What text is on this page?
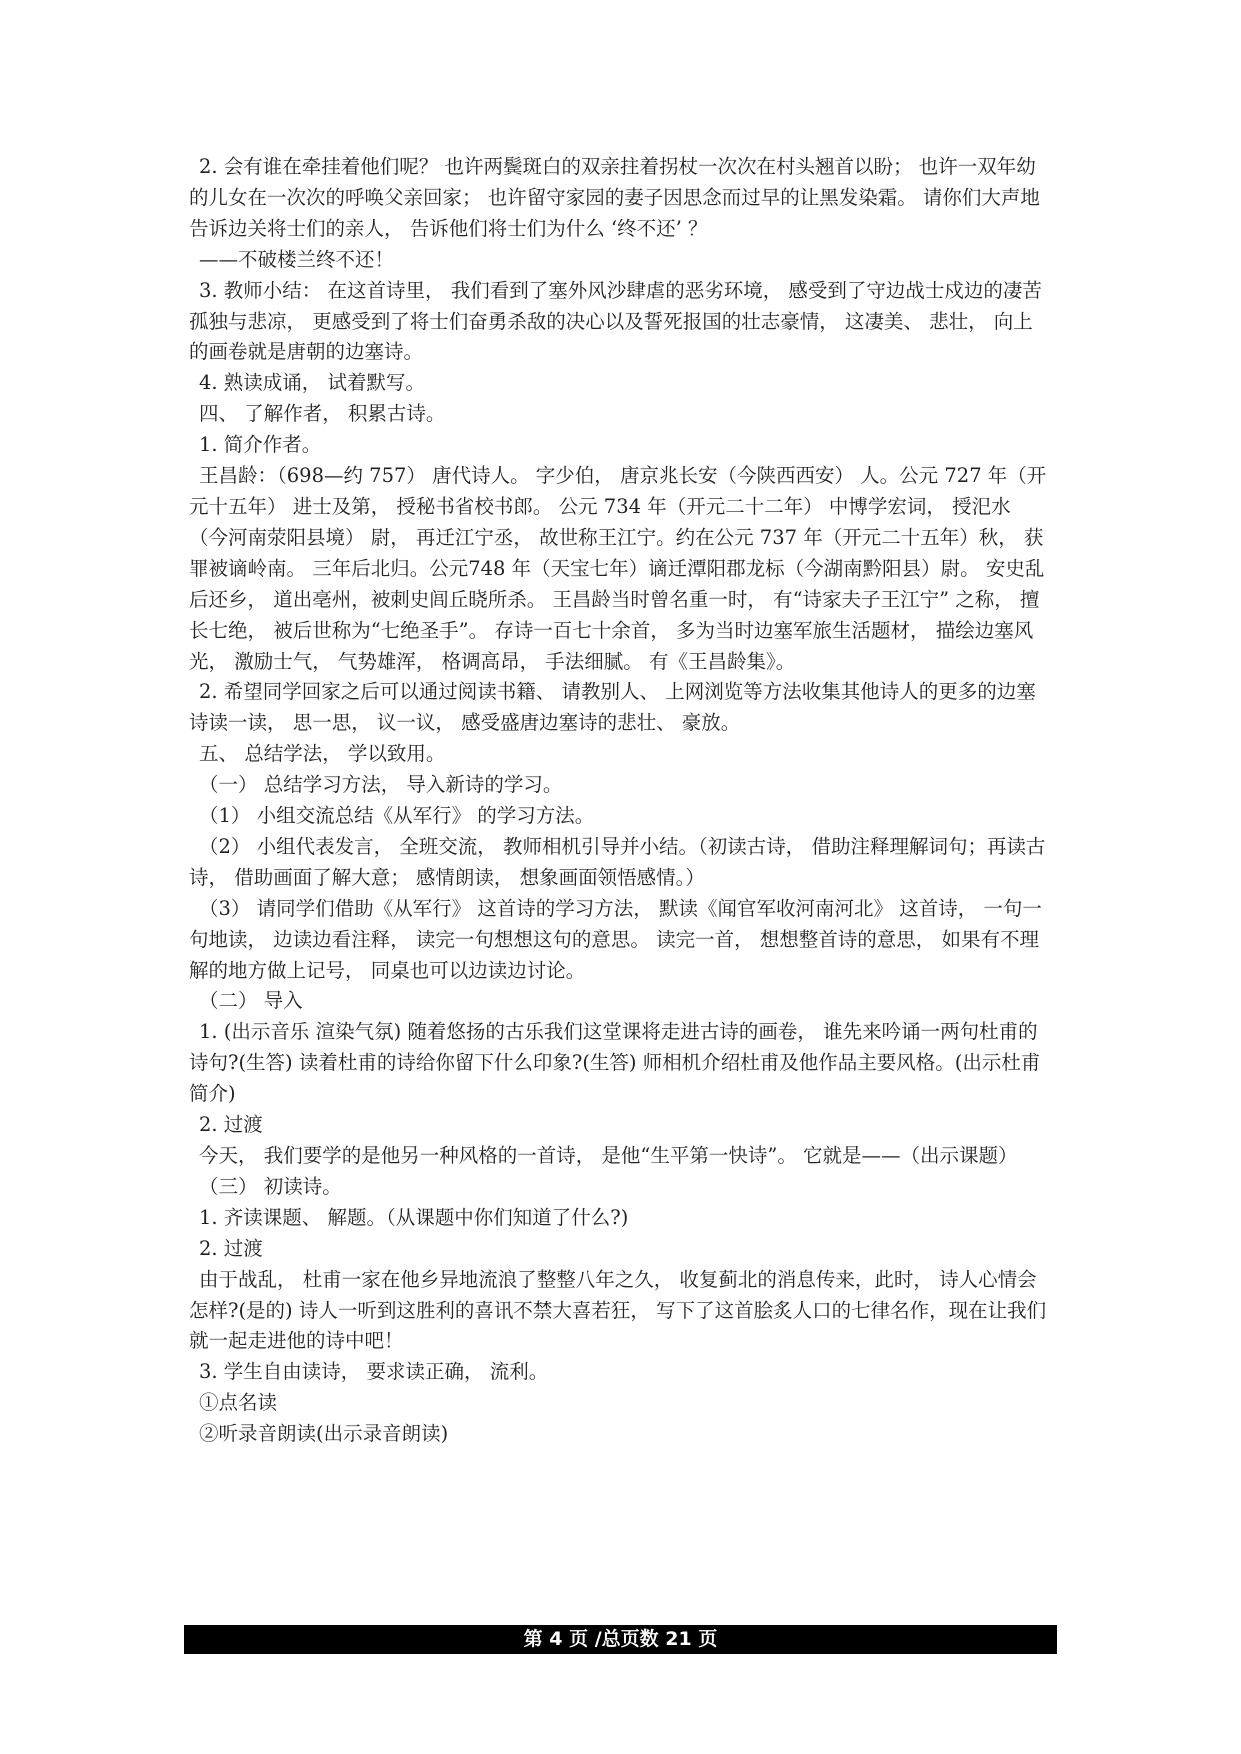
2. 会有谁在牵挂着他们呢？ 也许两鬓斑白的双亲拄着拐杖一次次在村头翘首以盼； 也许一双年幼的儿女在一次次的呼唤父亲回家； 也许留守家园的妻子因思念而过早的让黑发染霜。 请你们大声地告诉边关将士们的亲人， 告诉他们将士们为什么 ‘终不还’ ？

——不破楼兰终不还！

3. 教师小结： 在这首诗里， 我们看到了塞外风沙肆虐的恶劣环境， 感受到了守边战士戍边的凄苦孤独与悲凉， 更感受到了将士们奋勇杀敌的决心以及誓死报国的壮志豪情， 这凄美、 悲壮， 向上的画卷就是唐朝的边塞诗。

4. 熟读成诵， 试着默写。

四、 了解作者， 积累古诗。

1. 简介作者。

王昌龄：（698—约 757） 唐代诗人。 字少伯， 唐京兆长安（今陕西西安） 人。公元 727 年（开元十五年） 进士及第， 授秘书省校书郎。 公元 734 年（开元二十二年） 中博学宏词， 授汜水（今河南荥阳县境） 尉， 再迁江宁丞， 故世称王江宁。约在公元 737 年（开元二十五年）秋， 获罪被谪岭南。 三年后北归。公元748 年（天宝七年）谪迁潭阳郡龙标（今湖南黔阳县）尉。 安史乱后还乡， 道出亳州，被刺史闾丘晓所杀。 王昌龄当时曾名重一时， 有“诗家夫子王江宁” 之称， 擅长七绝， 被后世称为“七绝圣手”。 存诗一百七十余首， 多为当时边塞军旅生活题材， 描绘边塞风光， 激励士气， 气势雄浑， 格调高昂， 手法细腻。 有《王昌龄集》。

2. 希望同学回家之后可以通过阅读书籍、 请教别人、 上网浏览等方法收集其他诗人的更多的边塞诗读一读， 思一思， 议一议， 感受盛唐边塞诗的悲壮、 豪放。

五、 总结学法， 学以致用。

（一） 总结学习方法， 导入新诗的学习。

（1） 小组交流总结《从军行》 的学习方法。

（2） 小组代表发言， 全班交流， 教师相机引导并小结。（初读古诗， 借助注释理解词句；再读古诗， 借助画面了解大意； 感情朗读， 想象画面领悟感情。）

（3） 请同学们借助《从军行》 这首诗的学习方法， 默读《闻官军收河南河北》 这首诗， 一句一句地读， 边读边看注释， 读完一句想想这句的意思。 读完一首， 想想整首诗的意思， 如果有不理解的地方做上记号， 同桌也可以边读边讨论。

（二） 导入

1. (出示音乐 渲染气氛) 随着悠扬的古乐我们这堂课将走进古诗的画卷， 谁先来吟诵一两句杜甫的诗句?(生答) 读着杜甫的诗给你留下什么印象?(生答) 师相机介绍杜甫及他作品主要风格。(出示杜甫简介)

2. 过渡

今天， 我们要学的是他另一种风格的一首诗， 是他“生平第一快诗”。 它就是——（出示课题）

（三） 初读诗。

1. 齐读课题、 解题。（从课题中你们知道了什么?)

2. 过渡

由于战乱， 杜甫一家在他乡异地流浪了整整八年之久， 收复蓟北的消息传来，此时， 诗人心情会怎样?(是的) 诗人一听到这胜利的喜讯不禁大喜若狂， 写下了这首脍炙人口的七律名作，现在让我们就一起走进他的诗中吧！

3. 学生自由读诗， 要求读正确， 流利。

①点名读

②听录音朗读(出示录音朗读)

第 4 页 /总页数 21 页
